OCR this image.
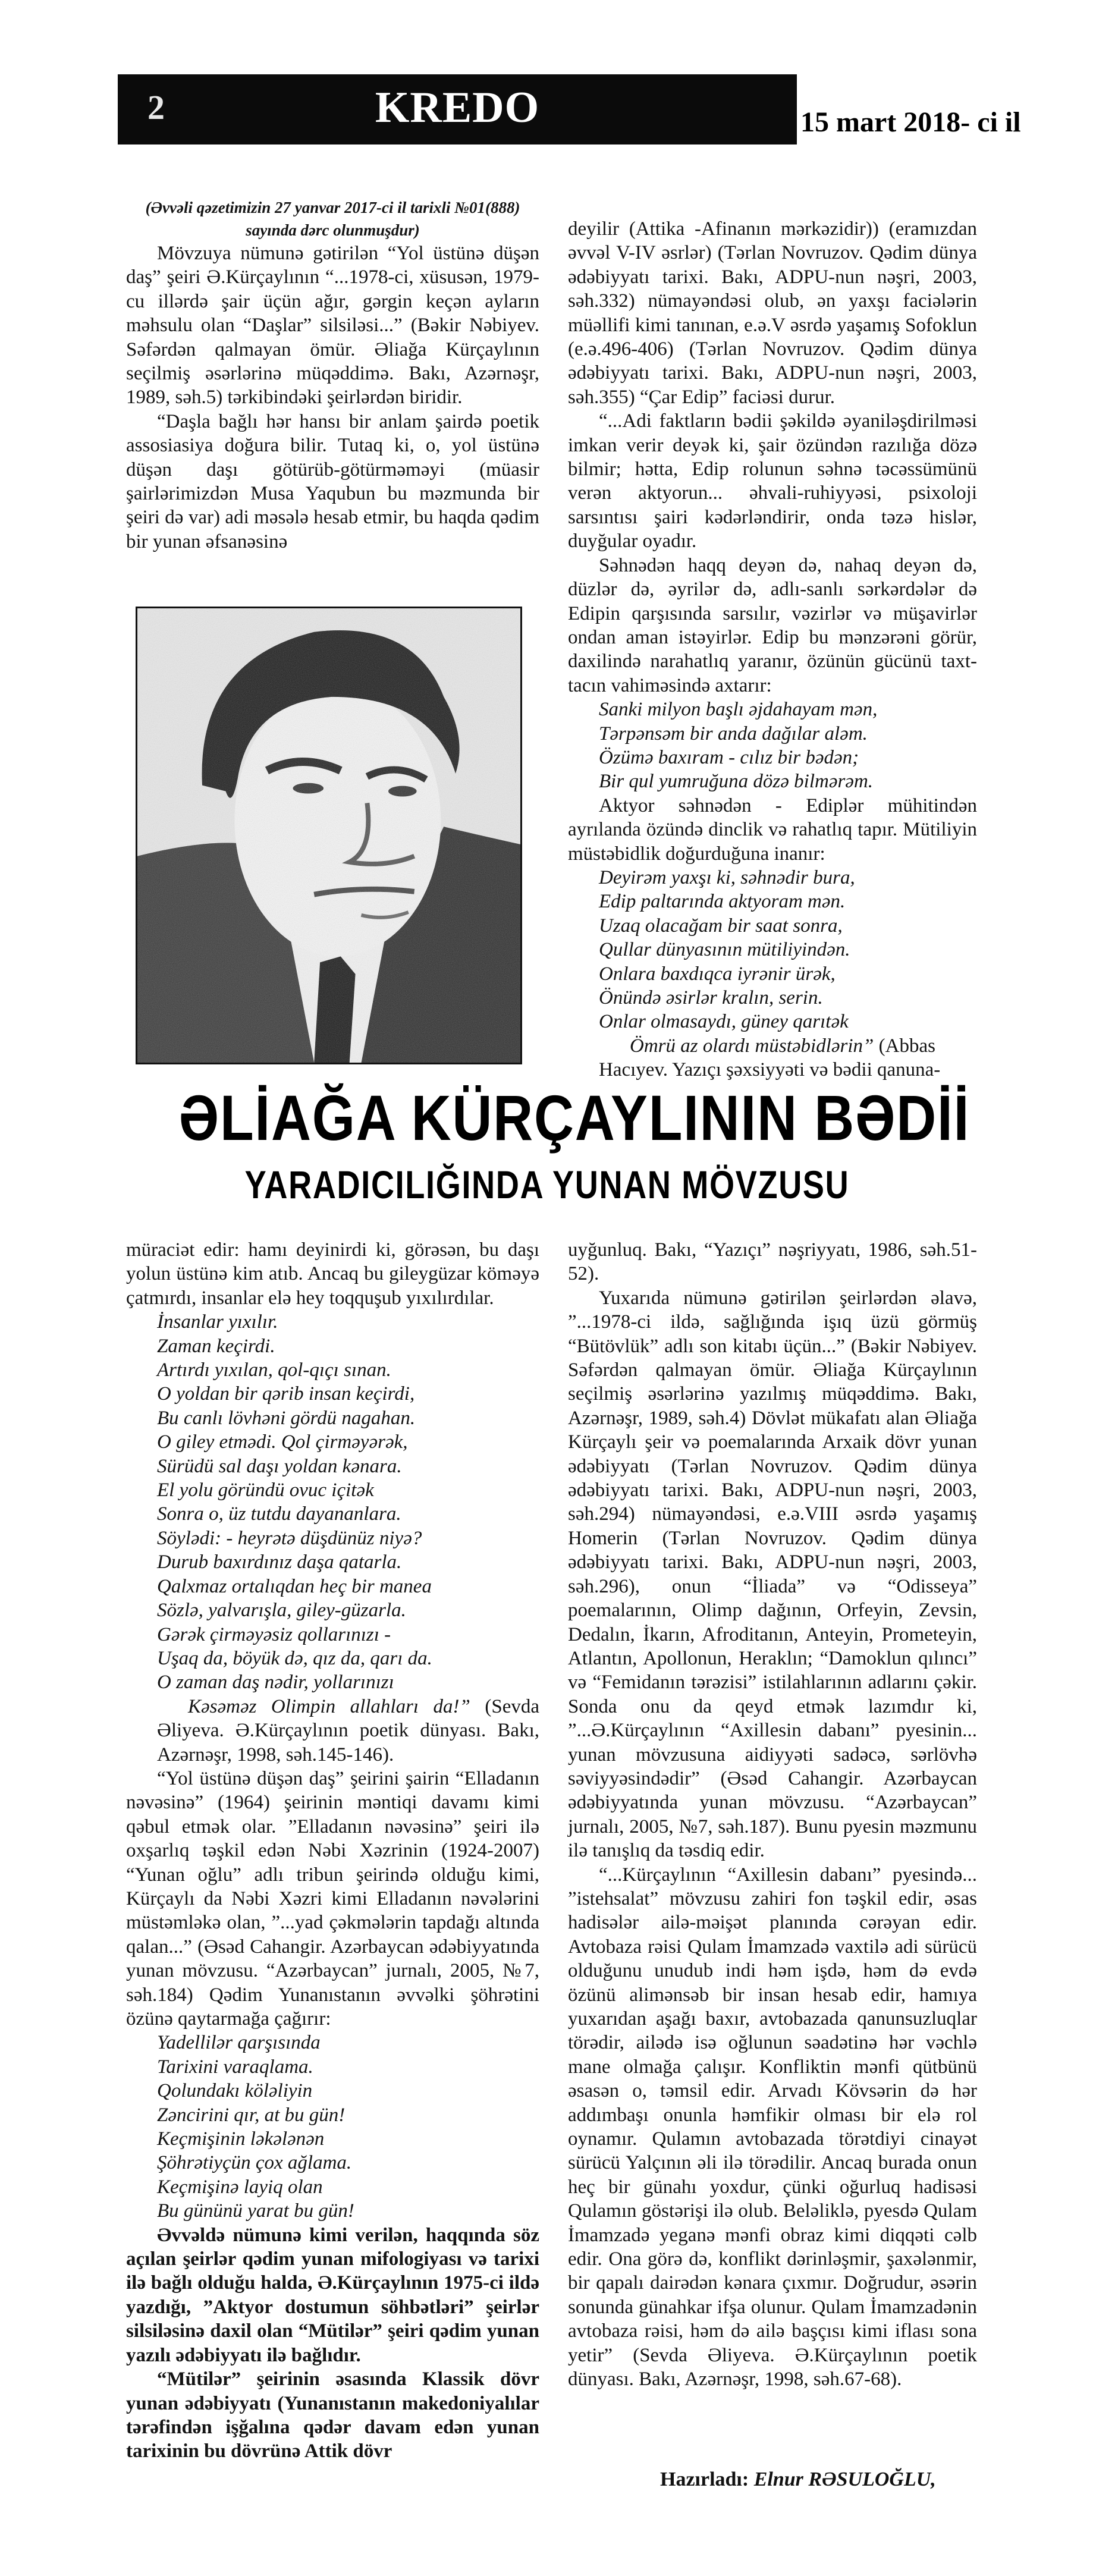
2	KREDO	15 mart 2018- ci il

(Əvvəli qəzetimizin 27 yanvar 2017-ci il tarixli №01(888) sayında dərc olunmuşdur)

Mövzuya nümunə gətirilən “Yol üstünə düşən daş” şeiri Ə.Kürçaylının “...1978-ci, xüsusən, 1979-cu illərdə şair üçün ağır, gərgin keçən ayların məhsulu olan “Daşlar” silsiləsi...” (Bəkir Nəbiyev. Səfərdən qalmayan ömür. Əliağa Kürçaylının seçilmiş əsərlərinə müqəddimə. Bakı, Azərnəşr, 1989, səh.5) tərkibindəki şeirlərdən biridir.

“Daşla bağlı hər hansı bir anlam şairdə poetik assosiasiya doğura bilir. Tutaq ki, o, yol üstünə düşən daşı götürüb-götürməməyi (müasir şairlərimizdən Musa Yaqubun bu məzmunda bir şeiri də var) adi məsələ hesab etmir, bu haqda qədim bir yunan əfsanəsinə

deyilir (Attika -Afinanın mərkəzidir)) (eramızdan əvvəl V-IV əsrlər) (Tərlan Novruzov. Qədim dünya ədəbiyyatı tarixi. Bakı, ADPU-nun nəşri, 2003, səh.332) nümayəndəsi olub, ən yaxşı faciələrin müəllifi kimi tanınan, e.ə.V əsrdə yaşamış Sofoklun (e.ə.496-406) (Tərlan Novruzov. Qədim dünya ədəbiyyatı tarixi. Bakı, ADPU-nun nəşri, 2003, səh.355) “Çar Edip” faciəsi durur.

“...Adi faktların bədii şəkildə əyaniləşdirilməsi imkan verir deyək ki, şair özündən razılığa dözə bilmir; hətta, Edip rolunun səhnə təcəssümünü verən aktyorun... əhvali-ruhiyyəsi, psixoloji sarsıntısı şairi kədərləndirir, onda təzə hislər, duyğular oyadır.

Səhnədən haqq deyən də, nahaq deyən də, düzlər də, əyrilər də, adlı-sanlı sərkərdələr də Edipin qarşısında sarsılır, vəzirlər və müşavirlər ondan aman istəyirlər. Edip bu mənzərəni görür, daxilində narahatlıq yaranır, özünün gücünü taxt-tacın vahiməsində axtarır:

Sanki milyon başlı əjdahayam mən,
Tərpənsəm bir anda dağılar aləm.
Özümə baxıram - cılız bir bədən;
Bir qul yumruğuna dözə bilmərəm.

Aktyor səhnədən - Ediplər mühitindən ayrılanda özündə dinclik və rahatlıq tapır. Mütiliyin müstəbidlik doğurduğuna inanır:

Deyirəm yaxşı ki, səhnədir bura,
Edip paltarında aktyoram mən.
Uzaq olacağam bir saat sonra,
Qullar dünyasının mütiliyindən.
Onlara baxdıqca iyrənir ürək,
Önündə əsirlər kralın, serin.
Onlar olmasaydı, güney qarıtək

Ömrü az olardı müstəbidlərin” (Abbas Hacıyev. Yazıçı şəxsiyyəti və bədii qanuna-

ƏLİAĞA KÜRÇAYLININ BƏDİİ
YARADICILIĞINDA YUNAN MÖVZUSU

müraciət edir: hamı deyinirdi ki, görəsən, bu daşı yolun üstünə kim atıb. Ancaq bu gileygüzar köməyə çatmırdı, insanlar elə hey toqquşub yıxılırdılar.

İnsanlar yıxılır.
Zaman keçirdi.
Artırdı yıxılan, qol-qıçı sınan.
O yoldan bir qərib insan keçirdi,
Bu canlı lövhəni gördü nagahan.
O giley etmədi. Qol çirməyərək,
Sürüdü sal daşı yoldan kənara.
El yolu göründü ovuc içitək
Sonra o, üz tutdu dayananlara.
Söylədi: - heyrətə düşdünüz niyə?
Durub baxırdınız daşa qatarla.
Qalxmaz ortalıqdan heç bir manea
Sözlə, yalvarışla, giley-güzarla.
Gərək çirməyəsiz qollarınızı -
Uşaq da, böyük də, qız da, qarı da.
O zaman daş nədir, yollarınızı

Kəsəməz Olimpin allahları da!” (Sevda Əliyeva. Ə.Kürçaylının poetik dünyası. Bakı, Azərnəşr, 1998, səh.145-146).

“Yol üstünə düşən daş” şeirini şairin “Elladanın nəvəsinə” (1964) şeirinin məntiqi davamı kimi qəbul etmək olar. ”Elladanın nəvəsinə” şeiri ilə oxşarlıq təşkil edən Nəbi Xəzrinin (1924-2007) “Yunan oğlu” adlı tribun şeirində olduğu kimi, Kürçaylı da Nəbi Xəzri kimi Elladanın nəvələrini müstəmləkə olan, ”...yad çəkmələrin tapdağı altında qalan...” (Əsəd Cahangir. Azərbaycan ədəbiyyatında yunan mövzusu. “Azərbaycan” jurnalı, 2005, №7, səh.184) Qədim Yunanıstanın əvvəlki şöhrətini özünə qaytarmağa çağırır:

Yadellilər qarşısında
Tarixini varaqlama.
Qolundakı kölәliyin
Zəncirini qır, at bu gün!
Keçmişinin ləkələnən
Şöhrətiyçün çox ağlama.
Keçmişinə layiq olan
Bu gününü yarat bu gün!

Əvvəldə nümunə kimi verilən, haqqında söz açılan şeirlər qədim yunan mifologiyası və tarixi ilə bağlı olduğu halda, Ə.Kürçaylının 1975-ci ildə yazdığı, ”Aktyor dostumun söhbətləri” şeirlər silsiləsinə daxil olan “Mütilər” şeiri qədim yunan yazılı ədəbiyyatı ilə bağlıdır.

“Mütilər” şeirinin əsasında Klassik dövr yunan ədəbiyyatı (Yunanıstanın makedoniyalılar tərəfindən işğalına qədər davam edən yunan tarixinin bu dövrünə Attik dövr

uyğunluq. Bakı, “Yazıçı” nəşriyyatı, 1986, səh.51-52).

Yuxarıda nümunə gətirilən şeirlərdən əlavə, ”...1978-ci ildə, sağlığında işıq üzü görmüş “Bütövlük” adlı son kitabı üçün...” (Bəkir Nəbiyev. Səfərdən qalmayan ömür. Əliağa Kürçaylının seçilmiş əsərlərinə yazılmış müqəddimə. Bakı, Azərnəşr, 1989, səh.4) Dövlət mükafatı alan Əliağa Kürçaylı şeir və poemalarında Arxaik dövr yunan ədəbiyyatı (Tərlan Novruzov. Qədim dünya ədəbiyyatı tarixi. Bakı, ADPU-nun nəşri, 2003, səh.294) nümayəndəsi, e.ə.VIII əsrdə yaşamış Homerin (Tərlan Novruzov. Qədim dünya ədəbiyyatı tarixi. Bakı, ADPU-nun nəşri, 2003, səh.296), onun “İliada” və “Odisseya” poemalarının, Olimp dağının, Orfeyin, Zevsin, Dedalın, İkarın, Afroditanın, Anteyin, Prometeyin, Atlantın, Apollonun, Heraklın; “Damoklun qılıncı” və “Femidanın tərəzisi” istilahlarının adlarını çəkir. Sonda onu da qeyd etmək lazımdır ki, ”...Ə.Kürçaylının “Axillesin dabanı” pyesinin... yunan mövzusuna aidiyyəti sadəcə, sərlövhə səviyyəsindədir” (Əsəd Cahangir. Azərbaycan ədəbiyyatında yunan mövzusu. “Azərbaycan” jurnalı, 2005, №7, səh.187). Bunu pyesin məzmunu ilə tanışlıq da təsdiq edir.

“...Kürçaylının “Axillesin dabanı” pyesində... ”istehsalat” mövzusu zahiri fon təşkil edir, əsas hadisələr ailə-məişət planında cərəyan edir. Avtobaza rəisi Qulam İmamzadə vaxtilə adi sürücü olduğunu unudub indi həm işdə, həm də evdə özünü alimənsəb bir insan hesab edir, hamıya yuxarıdan aşağı baxır, avtobazada qanunsuzluqlar törədir, ailədə isə oğlunun səadətinə hər vəchlə mane olmağa çalışır. Konfliktin mənfi qütbünü əsasən o, təmsil edir. Arvadı Kövsərin də hər addımbaşı onunla həmfikir olması bir elə rol oynamır. Qulamın avtobazada törətdiyi cinayət sürücü Yalçının əli ilə törədilir. Ancaq burada onun heç bir günahı yoxdur, çünki oğurluq hadisəsi Qulamın göstərişi ilə olub. Beləliklə, pyesdə Qulam İmamzadə yeganə mənfi obraz kimi diqqəti cəlb edir. Ona görə də, konflikt dərinləşmir, şaxələnmir, bir qapalı dairədən kənara çıxmır. Doğrudur, əsərin sonunda günahkar ifşa olunur. Qulam İmamzadənin avtobaza rəisi, həm də ailə başçısı kimi iflası sona yetir” (Sevda Əliyeva. Ə.Kürçaylının poetik dünyası. Bakı, Azərnəşr, 1998, səh.67-68).

Hazırladı: Elnur RƏSULOĞLU,
